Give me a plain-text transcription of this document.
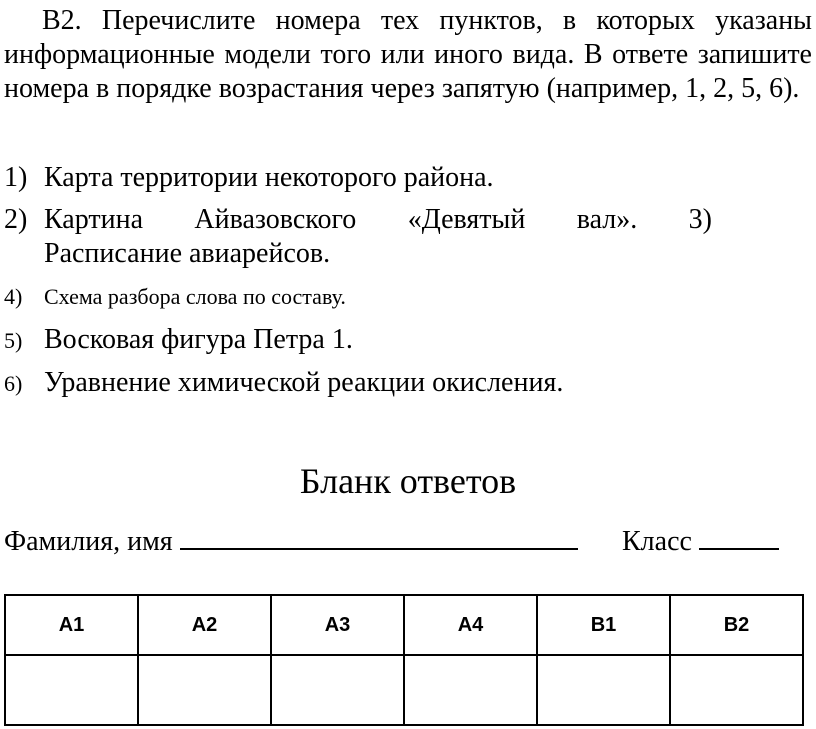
В2. Перечислите номера тех пунктов, в которых указаны информационные модели того или иного вида. В ответе запишите номера в порядке возрастания через запятую (например, 1, 2, 5, 6).
1) Карта территории некоторого района.
2) Картина Айвазовского «Девятый вал». 3)
Расписание авиарейсов.
4) Схема разбора слова по составу.
5) Восковая фигура Петра 1.
6) Уравнение химической реакции окисления.
Бланк ответов
Фамилия, имя	Класс
А1	А2	А3	А4	В1	В2
